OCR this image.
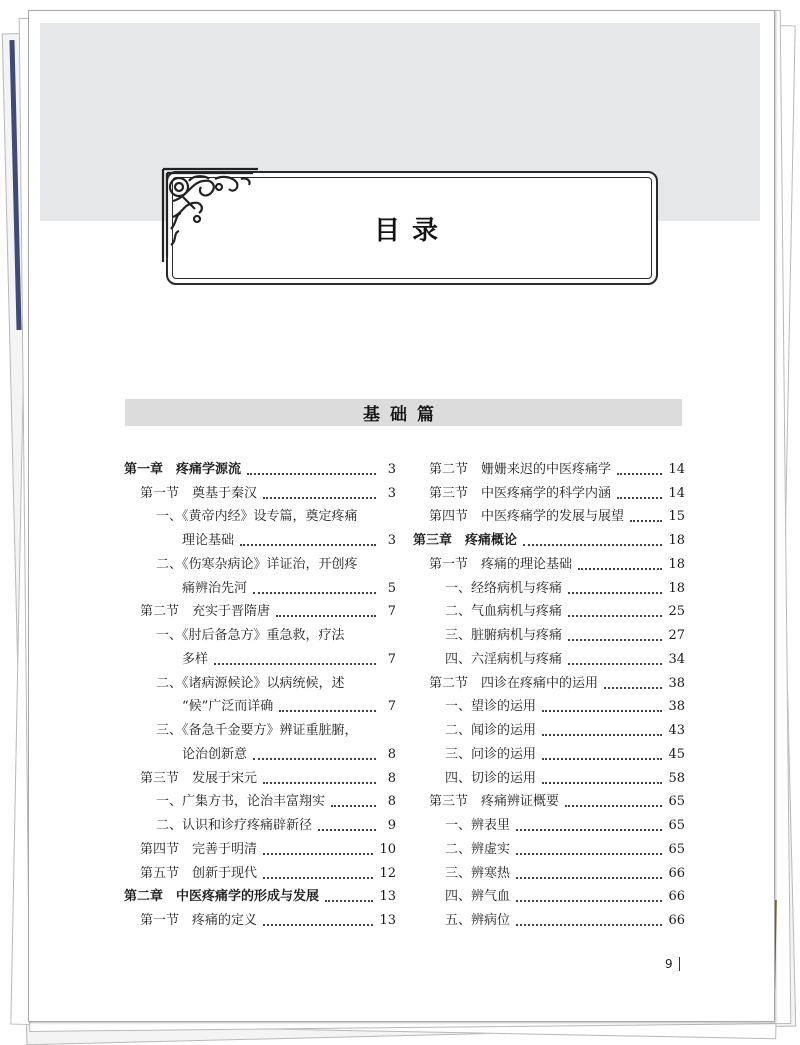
目录
基础篇
第一章　疼痛学源流	3
第一节　奠基于秦汉	3
一、《黄帝内经》设专篇，奠定疼痛
理论基础	3
二、《伤寒杂病论》详证治，开创疼
痛辨治先河	5
第二节　充实于晋隋唐	7
一、《肘后备急方》重急救，疗法
多样	7
二、《诸病源候论》以病统候，述
“候”广泛而详确	7
三、《备急千金要方》辨证重脏腑，
论治创新意	8
第三节　发展于宋元	8
一、广集方书，论治丰富翔实	8
二、认识和诊疗疼痛辟新径	9
第四节　完善于明清	10
第五节　创新于现代	12
第二章　中医疼痛学的形成与发展	13
第一节　疼痛的定义	13
第二节　姗姗来迟的中医疼痛学	14
第三节　中医疼痛学的科学内涵	14
第四节　中医疼痛学的发展与展望	15
第三章　疼痛概论	18
第一节　疼痛的理论基础	18
一、经络病机与疼痛	18
二、气血病机与疼痛	25
三、脏腑病机与疼痛	27
四、六淫病机与疼痛	34
第二节　四诊在疼痛中的运用	38
一、望诊的运用	38
二、闻诊的运用	43
三、问诊的运用	45
四、切诊的运用	58
第三节　疼痛辨证概要	65
一、辨表里	65
二、辨虚实	65
三、辨寒热	66
四、辨气血	66
五、辨病位	66
9
